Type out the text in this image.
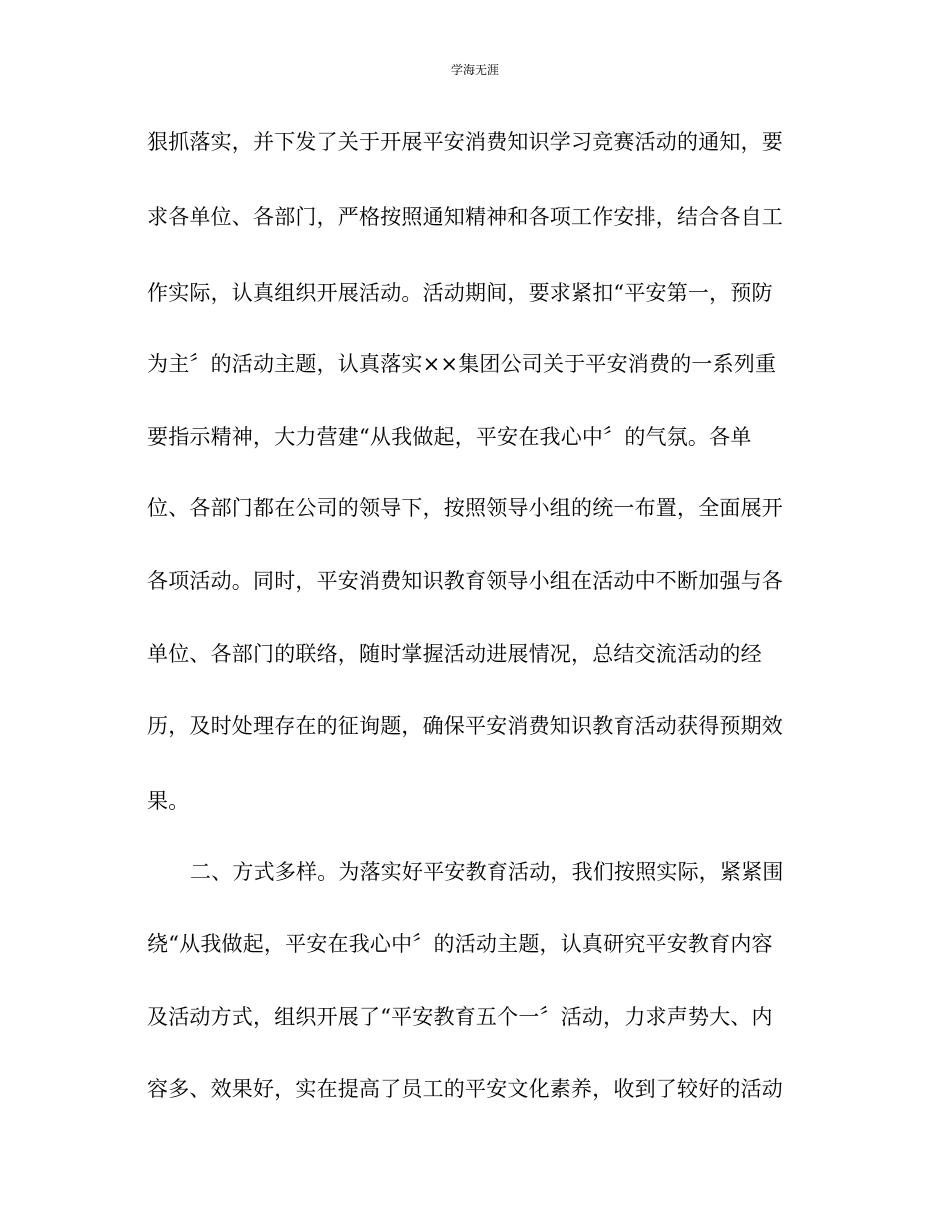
学海无涯
狠抓落实，并下发了关于开展平安消费知识学习竞赛活动的通知，要
求各单位、各部门，严格按照通知精神和各项工作安排，结合各自工
作实际，认真组织开展活动。活动期间，要求紧扣“平安第一，预防
为主〞的活动主题，认真落实××集团公司关于平安消费的一系列重
要指示精神，大力营建“从我做起，平安在我心中〞的气氛。各单
位、各部门都在公司的领导下，按照领导小组的统一布置，全面展开
各项活动。同时，平安消费知识教育领导小组在活动中不断加强与各
单位、各部门的联络，随时掌握活动进展情况，总结交流活动的经
历，及时处理存在的征询题，确保平安消费知识教育活动获得预期效
果。
二、方式多样。为落实好平安教育活动，我们按照实际，紧紧围
绕“从我做起，平安在我心中〞的活动主题，认真研究平安教育内容
及活动方式，组织开展了“平安教育五个一〞活动，力求声势大、内
容多、效果好，实在提高了员工的平安文化素养，收到了较好的活动
